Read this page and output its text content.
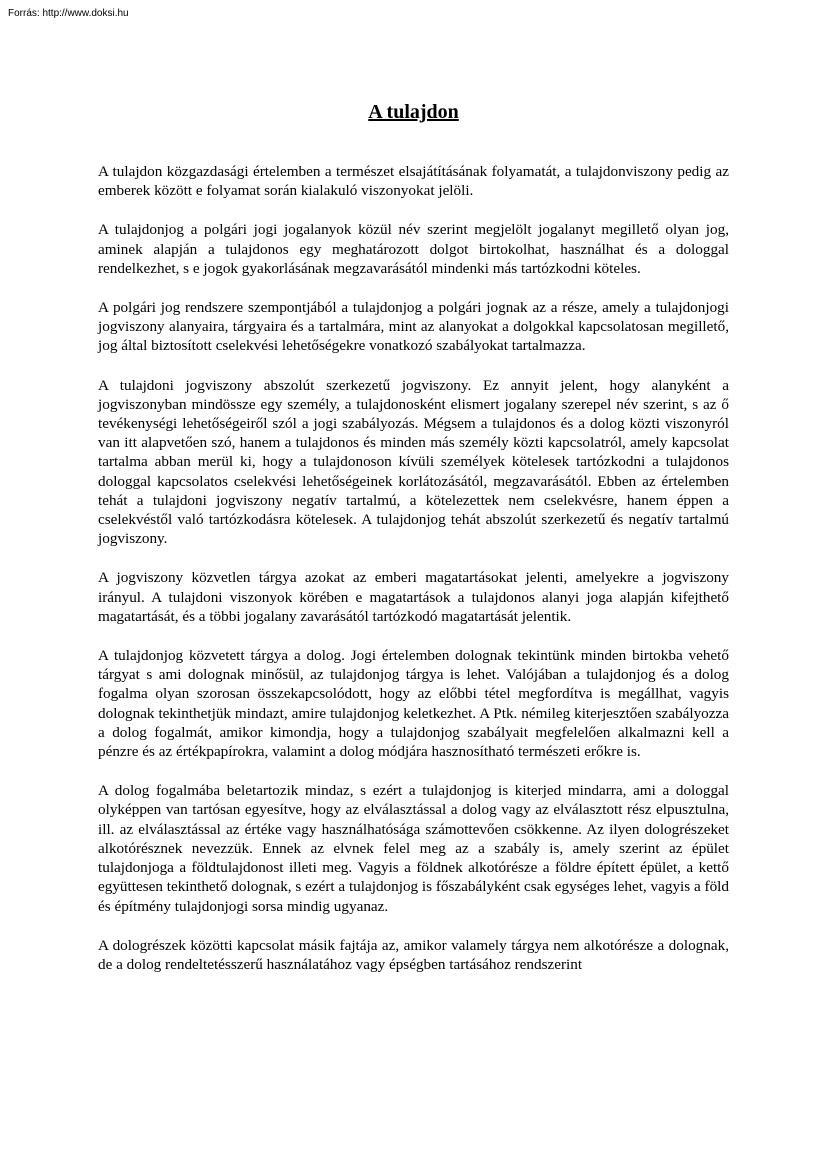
Forrás: http://www.doksi.hu

A tulajdon

A tulajdon közgazdasági értelemben a természet elsajátításának folyamatát, a tulajdonviszony pedig az emberek között e folyamat során kialakuló viszonyokat jelöli.

A tulajdonjog a polgári jogi jogalanyok közül név szerint megjelölt jogalanyt megillető olyan jog, aminek alapján a tulajdonos egy meghatározott dolgot birtokolhat, használhat és a dologgal rendelkezhet, s e jogok gyakorlásának megzavarásától mindenki más tartózkodni köteles.

A polgári jog rendszere szempontjából a tulajdonjog a polgári jognak az a része, amely a tulajdonjogi jogviszony alanyaira, tárgyaira és a tartalmára, mint az alanyokat a dolgokkal kapcsolatosan megillető, jog által biztosított cselekvési lehetőségekre vonatkozó szabályokat tartalmazza.

A tulajdoni jogviszony abszolút szerkezetű jogviszony. Ez annyit jelent, hogy alanyként a jogviszonyban mindössze egy személy, a tulajdonosként elismert jogalany szerepel név szerint, s az ő tevékenységi lehetőségeiről szól a jogi szabályozás. Mégsem a tulajdonos és a dolog közti viszonyról van itt alapvetően szó, hanem a tulajdonos és minden más személy közti kapcsolatról, amely kapcsolat tartalma abban merül ki, hogy a tulajdonoson kívüli személyek kötelesek tartózkodni a tulajdonos dologgal kapcsolatos cselekvési lehetőségeinek korlátozásától, megzavarásától. Ebben az értelemben tehát a tulajdoni jogviszony negatív tartalmú, a kötelezettek nem cselekvésre, hanem éppen a cselekvéstől való tartózkodásra kötelesek. A tulajdonjog tehát abszolút szerkezetű és negatív tartalmú jogviszony.

A jogviszony közvetlen tárgya azokat az emberi magatartásokat jelenti, amelyekre a jogviszony irányul. A tulajdoni viszonyok körében e magatartások a tulajdonos alanyi joga alapján kifejthető magatartását, és a többi jogalany zavarásától tartózkodó magatartását jelentik.

A tulajdonjog közvetett tárgya a dolog. Jogi értelemben dolognak tekintünk minden birtokba vehető tárgyat s ami dolognak minősül, az tulajdonjog tárgya is lehet. Valójában a tulajdonjog és a dolog fogalma olyan szorosan összekapcsolódott, hogy az előbbi tétel megfordítva is megállhat, vagyis dolognak tekinthetjük mindazt, amire tulajdonjog keletkezhet. A Ptk. némileg kiterjesztően szabályozza a dolog fogalmát, amikor kimondja, hogy a tulajdonjog szabályait megfelelően alkalmazni kell a pénzre és az értékpapírokra, valamint a dolog módjára hasznosítható természeti erőkre is.

A dolog fogalmába beletartozik mindaz, s ezért a tulajdonjog is kiterjed mindarra, ami a dologgal olyképpen van tartósan egyesítve, hogy az elválasztással a dolog vagy az elválasztott rész elpusztulna, ill. az elválasztással az értéke vagy használhatósága számottevően csökkenne. Az ilyen dologrészeket alkotórésznek nevezzük. Ennek az elvnek felel meg az a szabály is, amely szerint az épület tulajdonjoga a földtulajdonost illeti meg. Vagyis a földnek alkotórésze a földre épített épület, a kettő együttesen tekinthető dolognak, s ezért a tulajdonjog is főszabályként csak egységes lehet, vagyis a föld és építmény tulajdonjogi sorsa mindig ugyanaz.

A dologrészek közötti kapcsolat másik fajtája az, amikor valamely tárgya nem alkotórésze a dolognak, de a dolog rendeltetésszerű használatához vagy épségben tartásához rendszerint
